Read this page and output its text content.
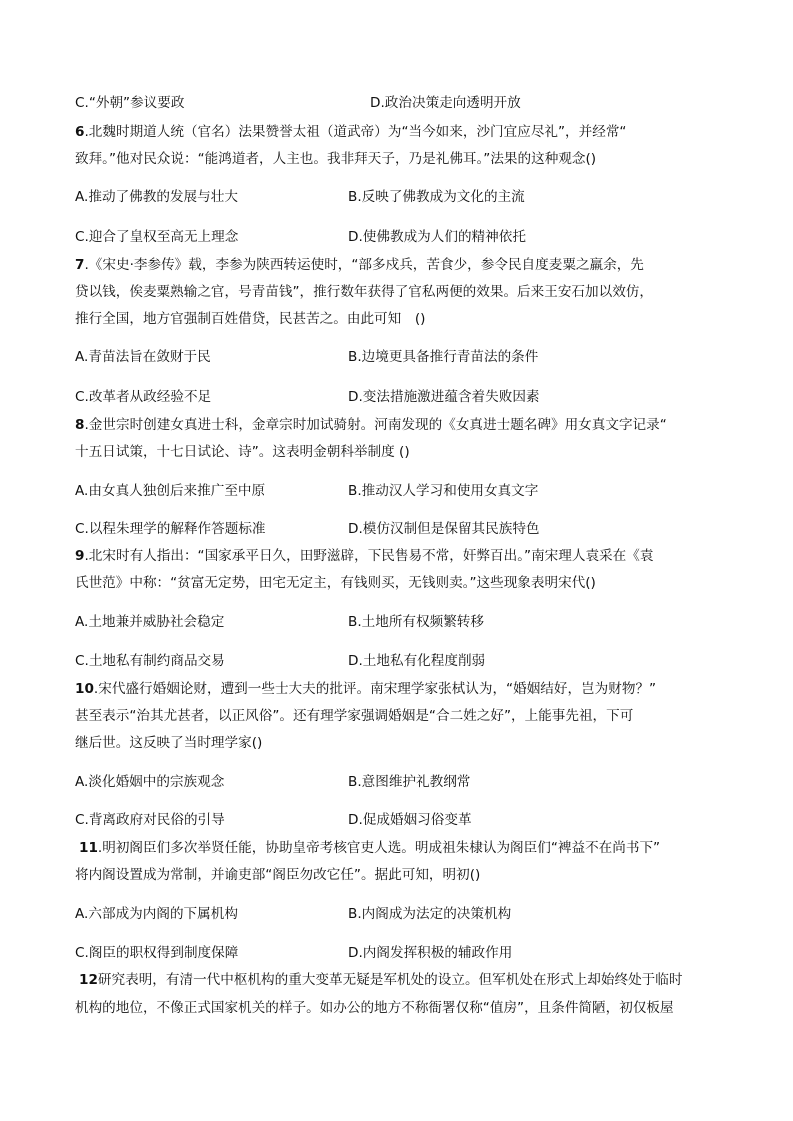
C.“外朝”参议要政	D.政治决策走向透明开放
6.北魏时期道人统（官名）法果赞誉太祖（道武帝）为“当今如来，沙门宜应尽礼”，并经常“
致拜。”他对民众说：“能鸿道者，人主也。我非拜天子，乃是礼佛耳。”法果的这种观念()
A.推动了佛教的发展与壮大	B.反映了佛教成为文化的主流
C.迎合了皇权至高无上理念	D.使佛教成为人们的精神依托
7.《宋史·李参传》载，李参为陕西转运使时，“部多戍兵，苦食少，参令民自度麦粟之羸余，先
贷以钱，俟麦粟熟输之官，号青苗钱”，推行数年获得了官私两便的效果。后来王安石加以效仿，
推行全国，地方官强制百姓借贷，民甚苦之。由此可知　()
A.青苗法旨在敛财于民	B.边境更具备推行青苗法的条件
C.改革者从政经验不足	D.变法措施激进蕴含着失败因素
8.金世宗时创建女真进士科，金章宗时加试骑射。河南发现的《女真进士题名碑》用女真文字记录“
十五日试策，十七日试论、诗”。这表明金朝科举制度 ()
A.由女真人独创后来推广至中原	B.推动汉人学习和使用女真文字
C.以程朱理学的解释作答题标准	D.模仿汉制但是保留其民族特色
9.北宋时有人指出：“国家承平日久，田野滋辟，下民售易不常，奸弊百出。”南宋理人袁采在《袁
氏世范》中称：“贫富无定势，田宅无定主，有钱则买，无钱则卖。”这些现象表明宋代()
A.土地兼并威胁社会稳定	B.土地所有权频繁转移
C.土地私有制约商品交易	D.土地私有化程度削弱
10.宋代盛行婚姻论财，遭到一些士大夫的批评。南宋理学家张栻认为，“婚姻结好，岂为财物？”
甚至表示“治其尤甚者，以正风俗”。还有理学家强调婚姻是“合二姓之好”，上能事先祖，下可
继后世。这反映了当时理学家()
A.淡化婚姻中的宗族观念	B.意图维护礼教纲常
C.背离政府对民俗的引导	D.促成婚姻习俗变革
11.明初阁臣们多次举贤任能，协助皇帝考核官吏人选。明成祖朱棣认为阁臣们“裨益不在尚书下”
将内阁设置成为常制，并谕吏部“阁臣勿改它任”。据此可知，明初()
A.六部成为内阁的下属机构	B.内阁成为法定的决策机构
C.阁臣的职权得到制度保障	D.内阁发挥积极的辅政作用
12研究表明，有清一代中枢机构的重大变革无疑是军机处的设立。但军机处在形式上却始终处于临时
机构的地位，不像正式国家机关的样子。如办公的地方不称衙署仅称“值房”，且条件简陋，初仅板屋
